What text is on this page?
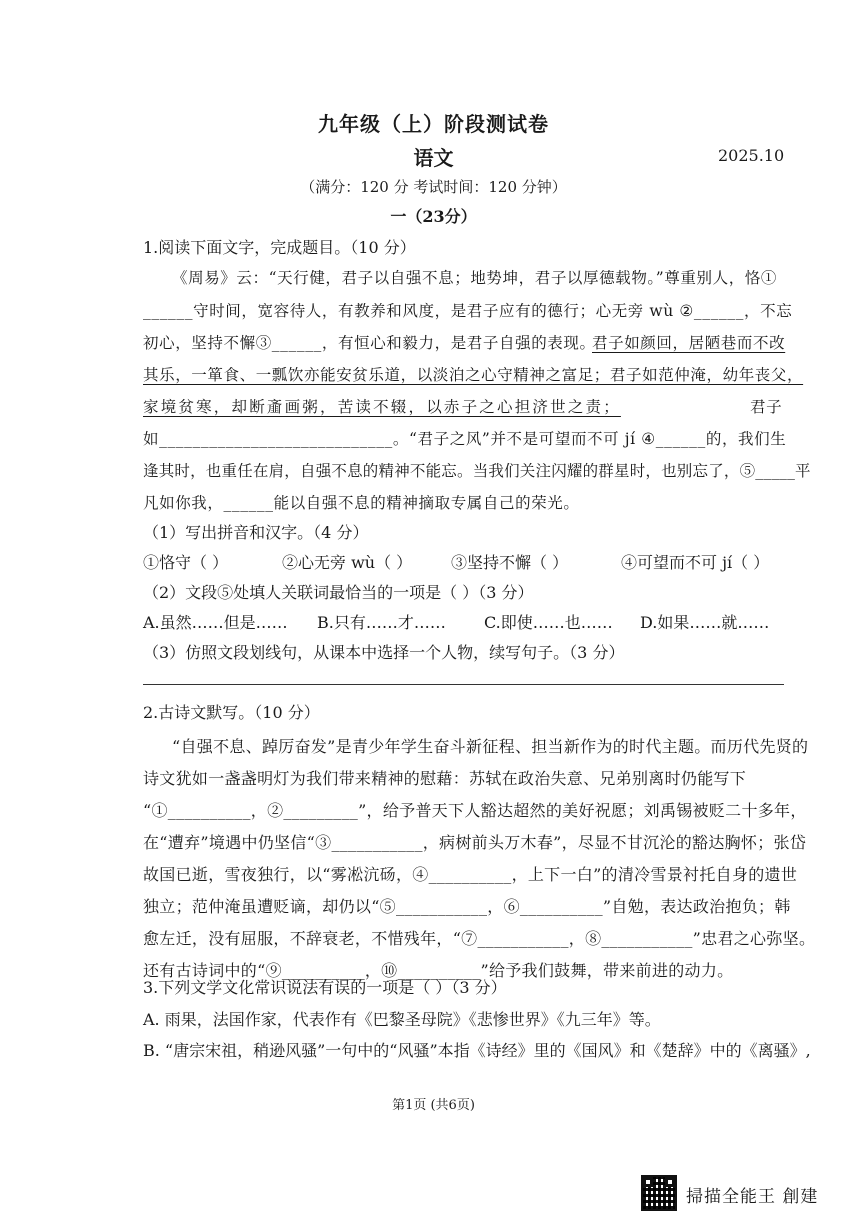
九年级（上）阶段测试卷
语文	2025.10
（满分：120 分 考试时间：120 分钟）
一（23分）
1.阅读下面文字，完成题目。（10 分）
《周易》云：“天行健，君子以自强不息；地势坤，君子以厚德载物。”尊重别人，恪①
______守时间，宽容待人，有教养和风度，是君子应有的德行；心无旁 wù ②______，不忘
初心，坚持不懈③______，有恒心和毅力，是君子自强的表现。
君子如颜回，居陋巷而不改
其乐，一箪食、一瓢饮亦能安贫乐道，以淡泊之心守精神之富足；君子如范仲淹，幼年丧父，
家境贫寒，却断齑画粥，苦读不辍，以赤子之心担济世之责；	君子
如____________________________。“君子之风”并不是可望而不可 jí ④______的，我们生
逢其时，也重任在肩，自强不息的精神不能忘。当我们关注闪耀的群星时，也别忘了，⑤_____平
凡如你我，______能以自强不息的精神摘取专属自己的荣光。
（1）写出拼音和汉字。（4 分）
①恪守（ ）	②心无旁 wù（ ） ③坚持不懈（ ）	④可望而不可 jí（ ）
（2）文段⑤处填人关联词最恰当的一项是（ ）（3 分）
A.虽然……但是…… B.只有……才…… C.即使……也…… D.如果……就……
（3）仿照文段划线句，从课本中选择一个人物，续写句子。（3 分）
2.古诗文默写。（10 分）
“自强不息、踔厉奋发”是青少年学生奋斗新征程、担当新作为的时代主题。而历代先贤的
诗文犹如一盏盏明灯为我们带来精神的慰藉：苏轼在政治失意、兄弟别离时仍能写下
“①__________，②_________”，给予普天下人豁达超然的美好祝愿；刘禹锡被贬二十多年，
在“遭弃”境遇中仍坚信“③___________，病树前头万木春”，尽显不甘沉沦的豁达胸怀；张岱
故国已逝，雪夜独行，以“雾凇沆砀，④__________，上下一白”的清冷雪景衬托自身的遗世
独立；范仲淹虽遭贬谪，却仍以“⑤___________，⑥__________”自勉，表达政治抱负；韩
愈左迁，没有屈服，不辞衰老，不惜残年，“⑦___________，⑧___________”忠君之心弥坚。
还有古诗词中的“⑨__________，⑩__________”给予我们鼓舞，带来前进的动力。
3.下列文学文化常识说法有误的一项是（ ）（3 分）
A. 雨果，法国作家，代表作有《巴黎圣母院》《悲惨世界》《九三年》等。
B. “唐宗宋祖，稍逊风骚”一句中的“风骚”本指《诗经》里的《国风》和《楚辞》中的《离骚》,
第1页 (共6页)
掃描全能王 創建
